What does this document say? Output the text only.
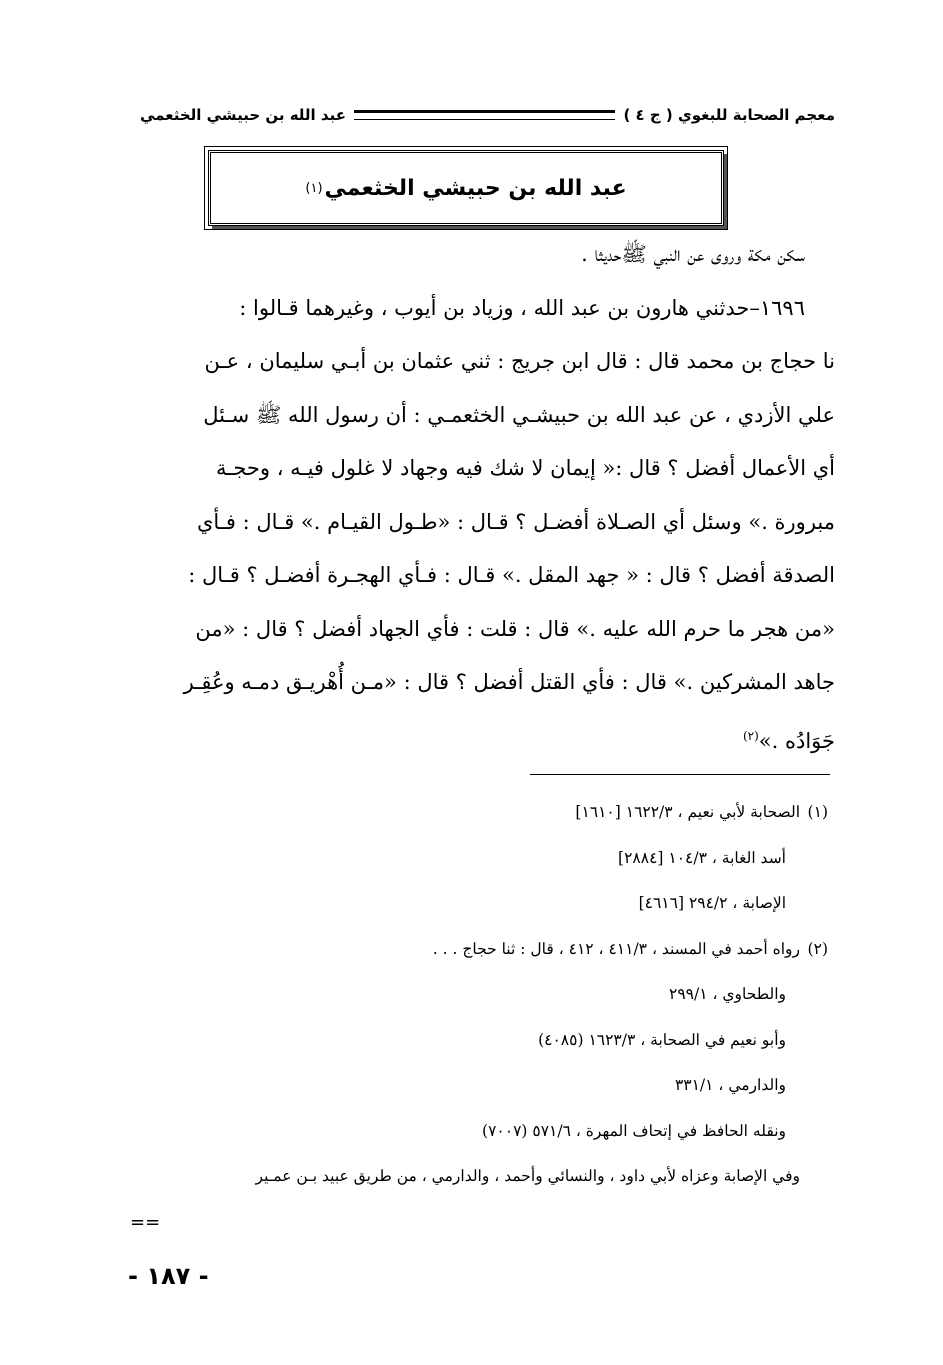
معجم الصحابة للبغوي ( ج ٤ )
عبد الله بن حبيشي الخثعمي
عبد الله بن حبيشي الخثعمي
(١)
سكن مكة وروى عن النبي ﷺحديثا .
١٦٩٦–حدثني هارون بن عبد الله ، وزياد بن أيوب ، وغيرهما قـالوا :
نا حجاج بن محمد قال : قال ابن جريج : ثني عثمان بن أبـي سليمان ، عـن
علي الأزدي ، عن عبد الله بن حبيشـي الخثعمـي : أن رسول الله ﷺ سـئل
أي الأعمال أفضل ؟ قال :« إيمان لا شك فيه وجهاد لا غلول فيـه ، وحجـة
مبرورة .» وسئل أي الصـلاة أفضـل ؟ قـال : «طـول القيـام .» قـال : فـأي
الصدقة أفضل ؟ قال : « جهد المقل .» قـال : فـأي الهجـرة أفضـل ؟ قـال :
«من هجر ما حرم الله عليه .» قال : قلت : فأي الجهاد أفضل ؟ قال : «من
جاهد المشركين .» قال : فأي القتل أفضل ؟ قال : «مـن أُهْريـق دمـه وعُقِـر
جَوَادُه .»$^{(٢)}$
(١)الصحابة لأبي نعيم ، ١٦٢٢/٣ [١٦١٠]
أسد الغابة ، ١٠٤/٣ [٢٨٨٤]
الإصابة ، ٢٩٤/٢ [٤٦١٦]
(٢)رواه أحمد في المسند ، ٤١١/٣ ، ٤١٢ ، قال : ثنا حجاج . . .
والطحاوي ، ٢٩٩/١
وأبو نعيم في الصحابة ، ١٦٢٣/٣ (٤٠٨٥)
والدارمي ، ٣٣١/١
ونقله الحافظ في إتحاف المهرة ، ٥٧١/٦ (٧٠٠٧)
وفي الإصابة وعزاه لأبي داود ، والنسائي وأحمد ، والدارمي ، من طريق عبيد بـن عمـير
==
- ١٨٧ -
